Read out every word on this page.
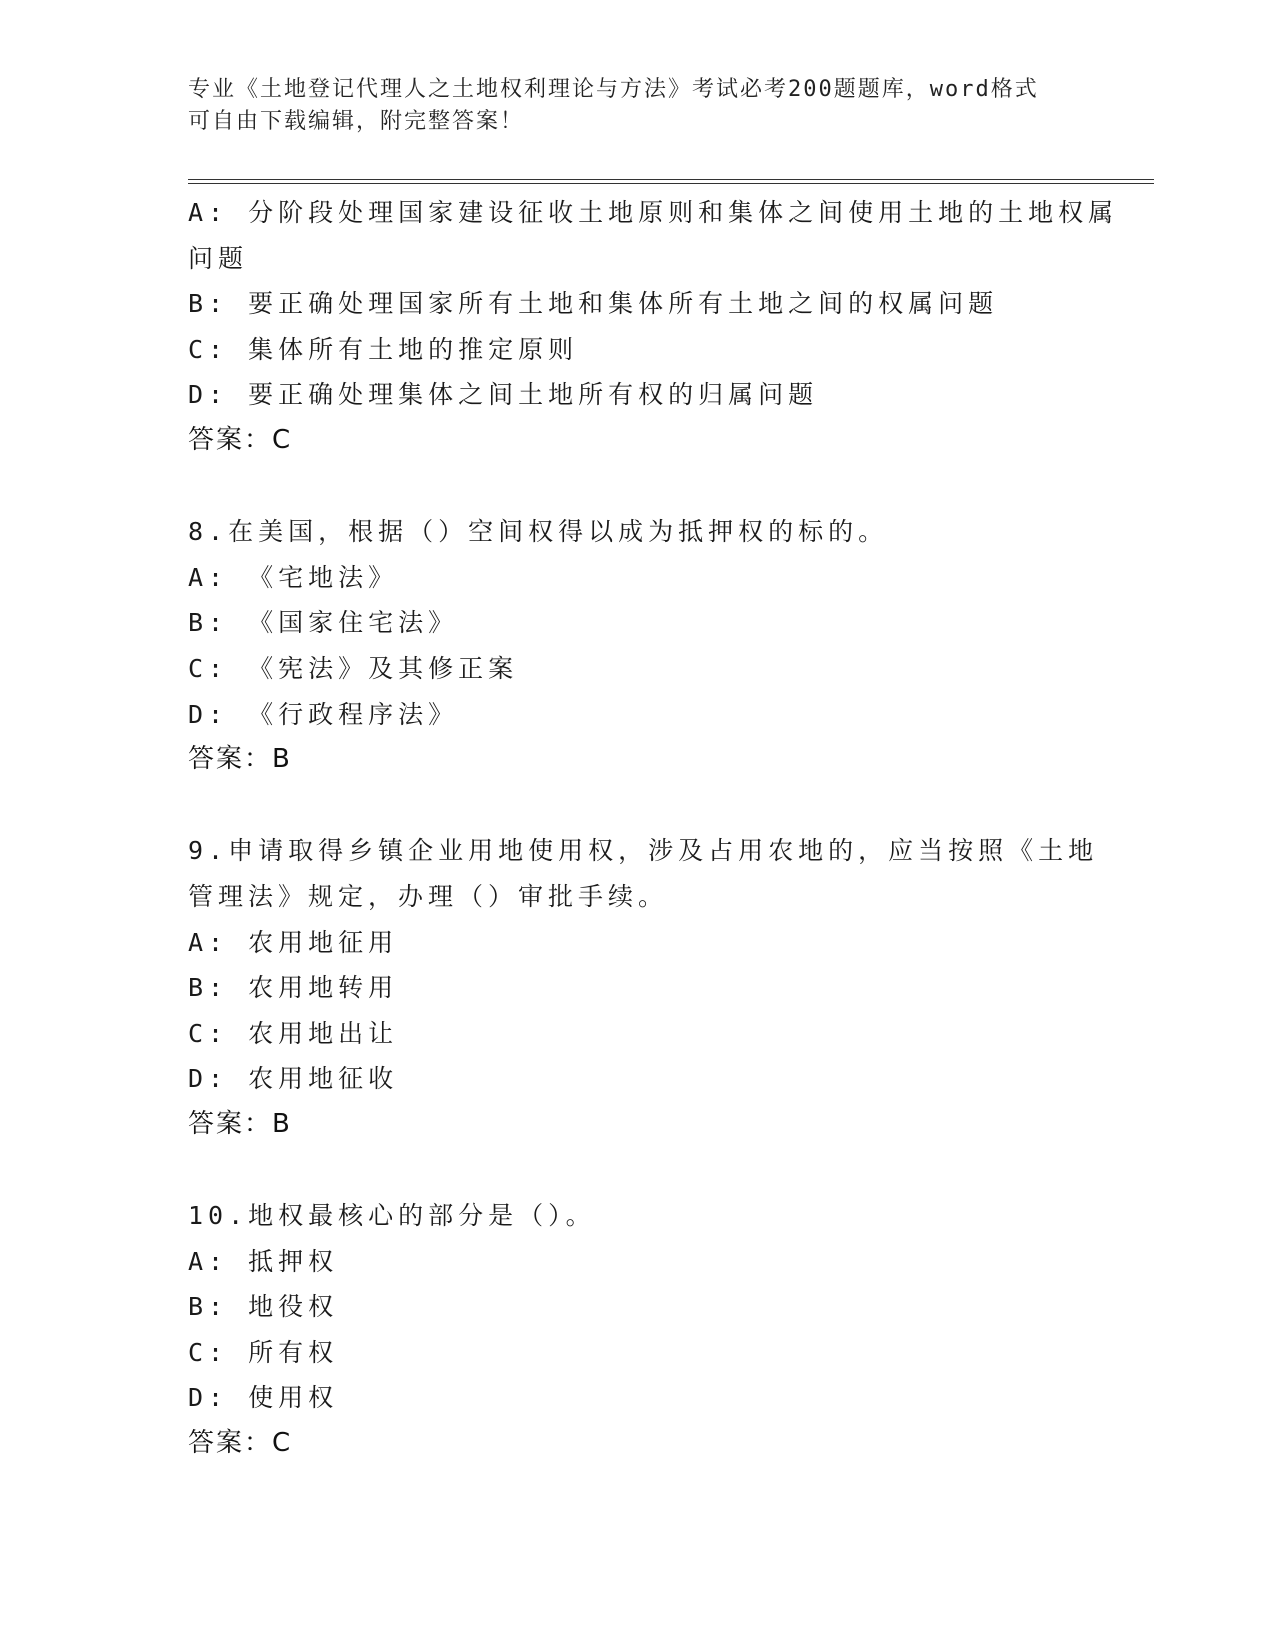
专业《土地登记代理人之土地权利理论与方法》考试必考200题题库，word格式
可自由下载编辑，附完整答案！
A: 分阶段处理国家建设征收土地原则和集体之间使用土地的土地权属
问题
B: 要正确处理国家所有土地和集体所有土地之间的权属问题
C: 集体所有土地的推定原则
D: 要正确处理集体之间土地所有权的归属问题
答案：C
8.在美国，根据（）空间权得以成为抵押权的标的。
A: 《宅地法》
B: 《国家住宅法》
C: 《宪法》及其修正案
D: 《行政程序法》
答案：B
9.申请取得乡镇企业用地使用权，涉及占用农地的，应当按照《土地
管理法》规定，办理（）审批手续。
A: 农用地征用
B: 农用地转用
C: 农用地出让
D: 农用地征收
答案：B
10.地权最核心的部分是（）。
A: 抵押权
B: 地役权
C: 所有权
D: 使用权
答案：C
